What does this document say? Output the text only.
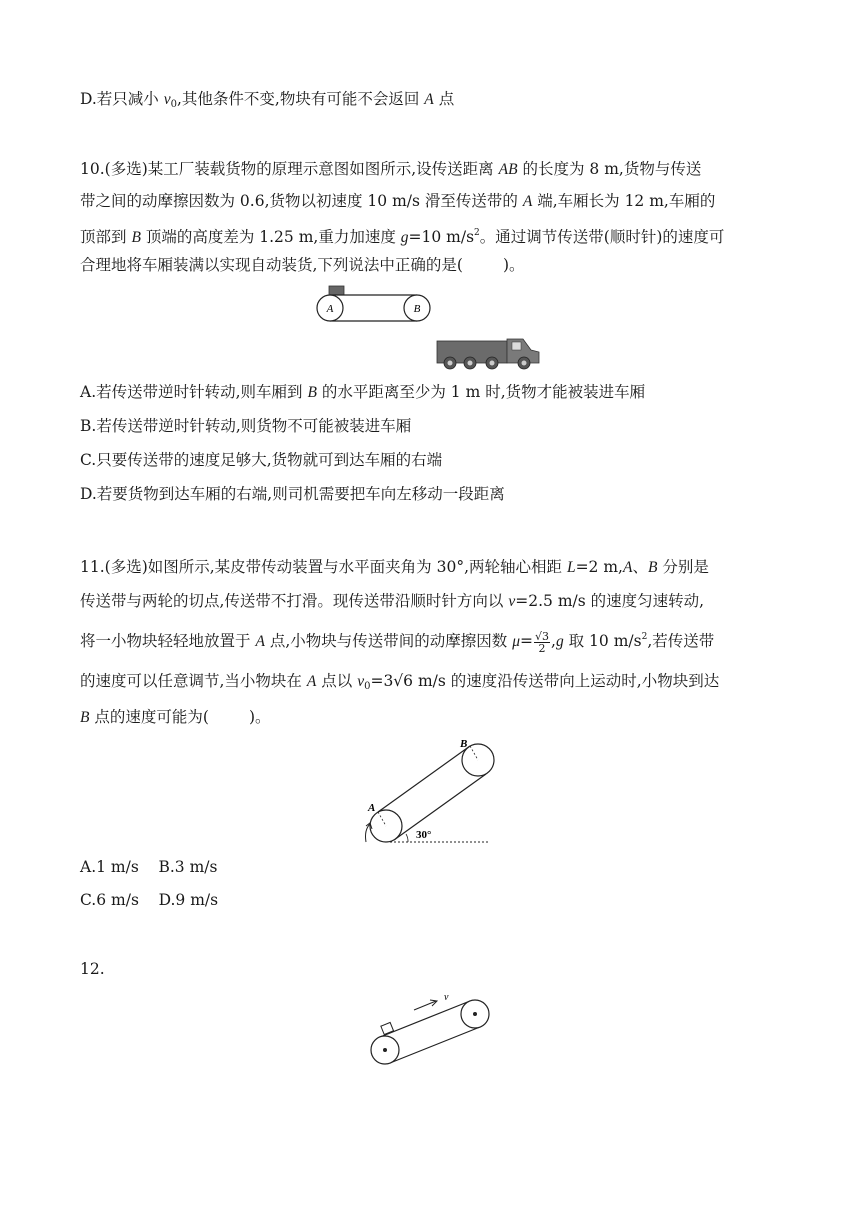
D.若只减小 $v_0$,其他条件不变,物块有可能不会返回 A 点
10.(多选)某工厂装载货物的原理示意图如图所示,设传送距离 AB 的长度为 8 m,货物与传送
带之间的动摩擦因数为 0.6,货物以初速度 10 m/s 滑至传送带的 A 端,车厢长为 12 m,车厢的
顶部到 B 顶端的高度差为 1.25 m,重力加速度 g=10 $m/s^2$。通过调节传送带(顺时针)的速度可
合理地将车厢装满以实现自动装货,下列说法中正确的是(	)。
A	B
A.若传送带逆时针转动,则车厢到 B 的水平距离至少为 1 m 时,货物才能被装进车厢
B.若传送带逆时针转动,则货物不可能被装进车厢
C.只要传送带的速度足够大,货物就可到达车厢的右端
D.若要货物到达车厢的右端,则司机需要把车向左移动一段距离
11.(多选)如图所示,某皮带传动装置与水平面夹角为 30°,两轮轴心相距 L=2 m,A、B 分别是
传送带与两轮的切点,传送带不打滑。现传送带沿顺时针方向以 v=2.5 m/s 的速度匀速转动,
将一小物块轻轻地放置于 A 点,小物块与传送带间的动摩擦因数 $\mu= \frac{√3}{2} ,g$ 取 10 $m/s^2$,若传送带
的速度可以任意调节,当小物块在 A 点以 $v_0=3√6$ m/s 的速度沿传送带向上运动时,小物块到达
B 点的速度可能为(	)。
A
B
30°
A.1 m/s    B.3 m/s
C.6 m/s    D.9 m/s
12.
v
